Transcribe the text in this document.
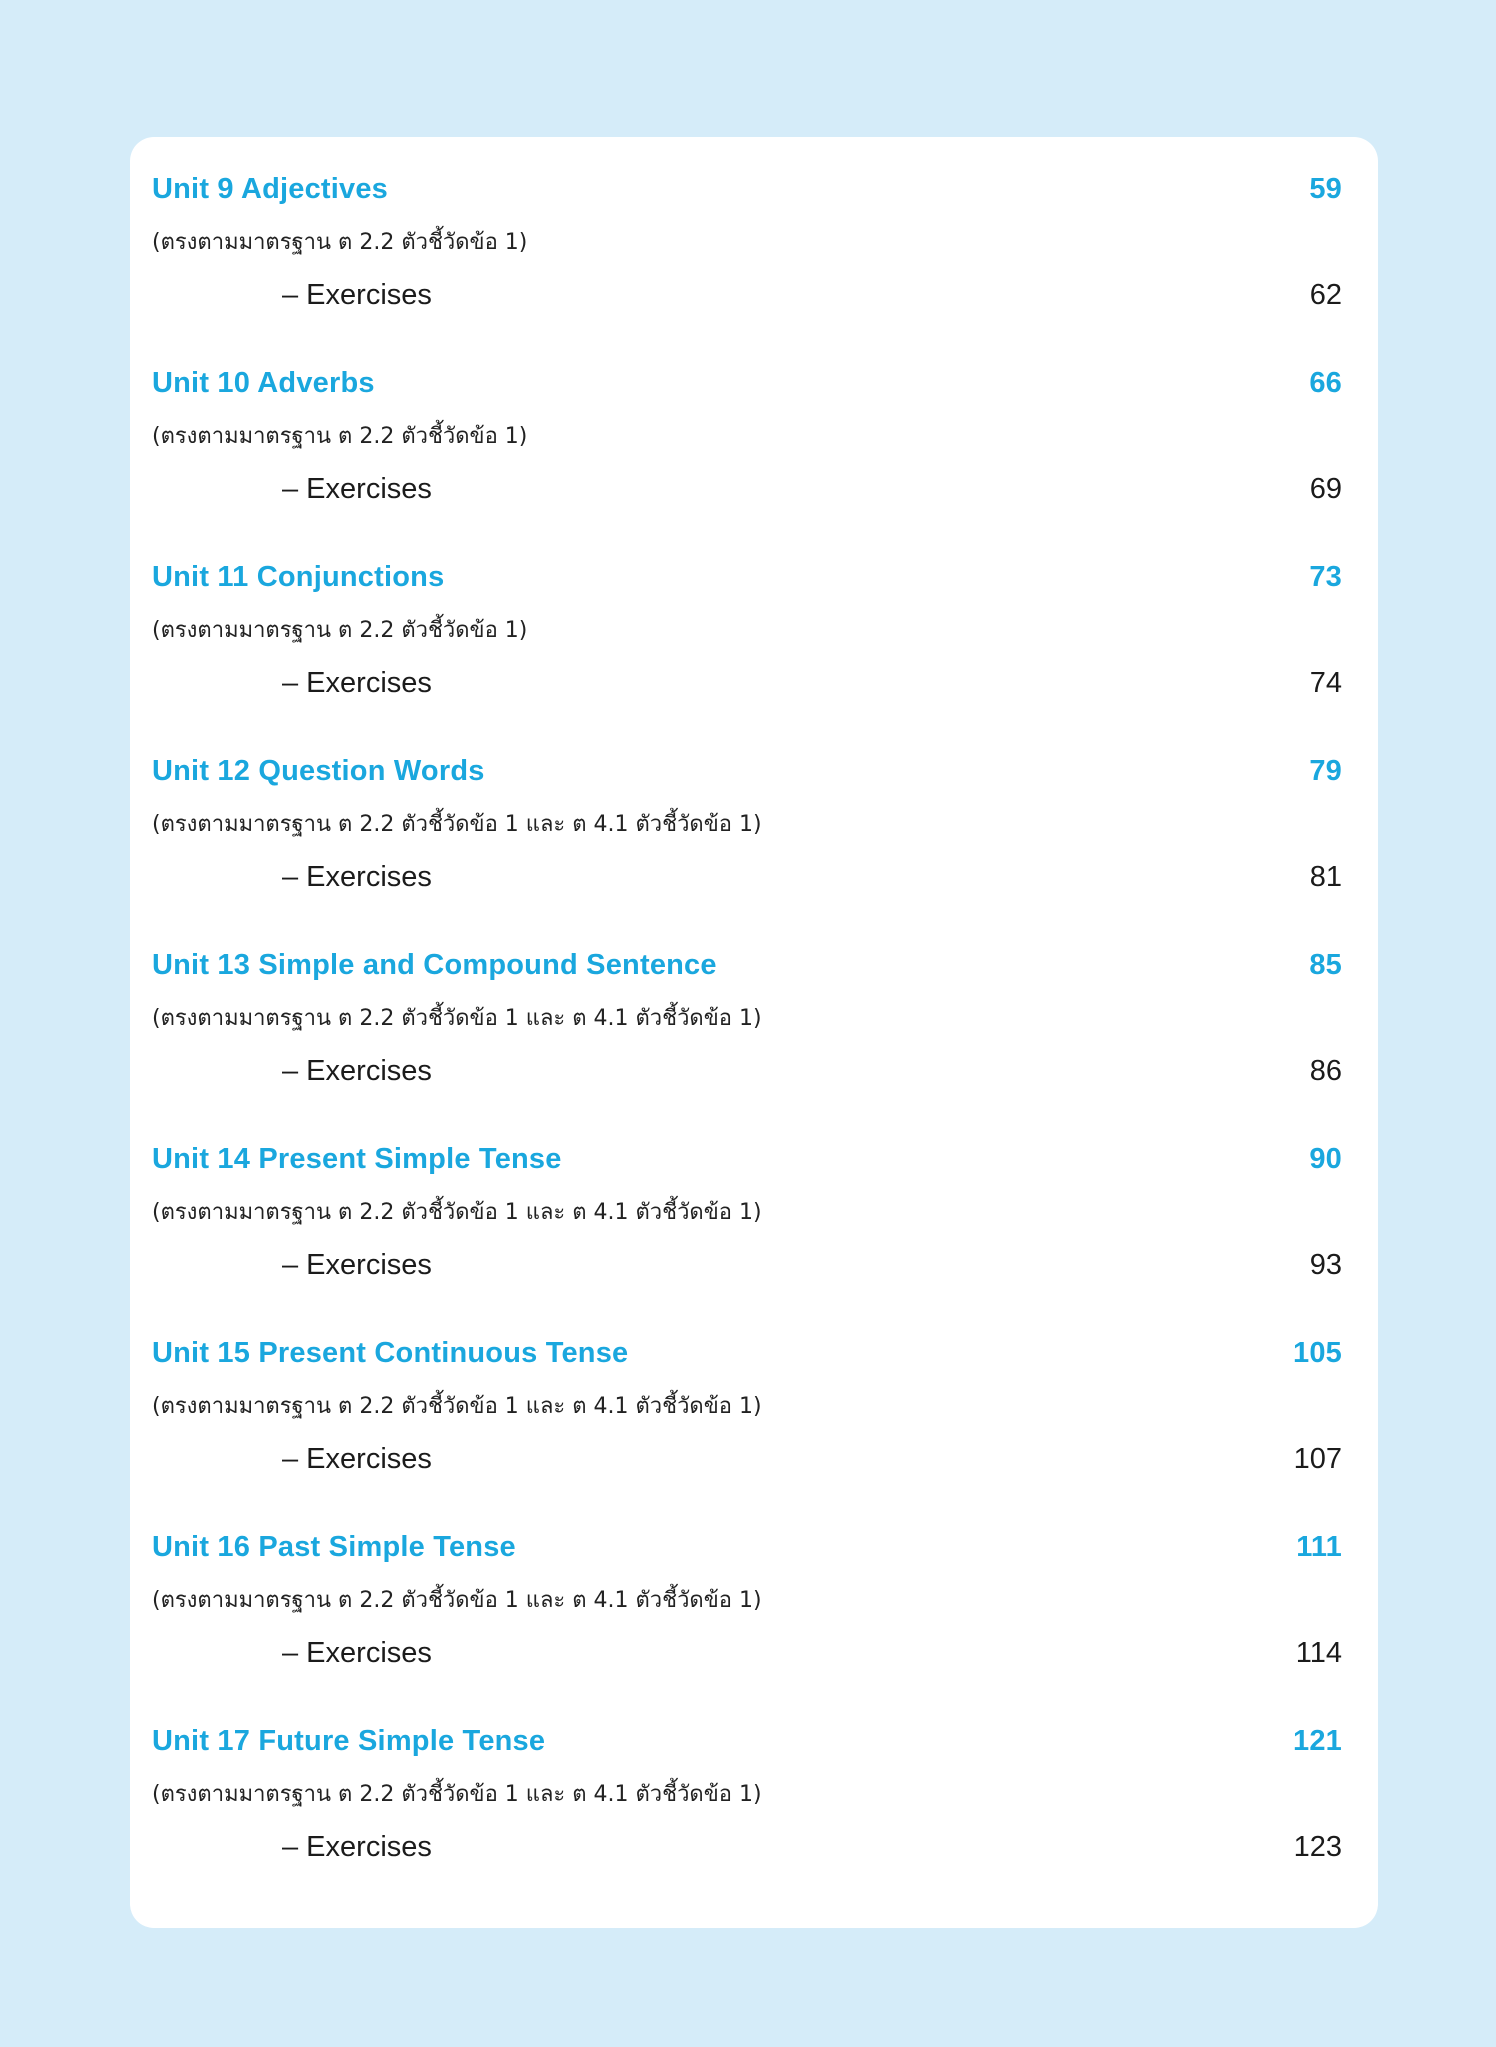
Unit 9 Adjectives	59
(ตรงตามมาตรฐาน ต 2.2 ตัวชี้วัดข้อ 1)
– Exercises	62
Unit 10 Adverbs	66
(ตรงตามมาตรฐาน ต 2.2 ตัวชี้วัดข้อ 1)
– Exercises	69
Unit 11 Conjunctions	73
(ตรงตามมาตรฐาน ต 2.2 ตัวชี้วัดข้อ 1)
– Exercises	74
Unit 12 Question Words	79
(ตรงตามมาตรฐาน ต 2.2 ตัวชี้วัดข้อ 1 และ ต 4.1 ตัวชี้วัดข้อ 1)
– Exercises	81
Unit 13 Simple and Compound Sentence	85
(ตรงตามมาตรฐาน ต 2.2 ตัวชี้วัดข้อ 1 และ ต 4.1 ตัวชี้วัดข้อ 1)
– Exercises	86
Unit 14 Present Simple Tense	90
(ตรงตามมาตรฐาน ต 2.2 ตัวชี้วัดข้อ 1 และ ต 4.1 ตัวชี้วัดข้อ 1)
– Exercises	93
Unit 15 Present Continuous Tense	105
(ตรงตามมาตรฐาน ต 2.2 ตัวชี้วัดข้อ 1 และ ต 4.1 ตัวชี้วัดข้อ 1)
– Exercises	107
Unit 16 Past Simple Tense	111
(ตรงตามมาตรฐาน ต 2.2 ตัวชี้วัดข้อ 1 และ ต 4.1 ตัวชี้วัดข้อ 1)
– Exercises	114
Unit 17 Future Simple Tense	121
(ตรงตามมาตรฐาน ต 2.2 ตัวชี้วัดข้อ 1 และ ต 4.1 ตัวชี้วัดข้อ 1)
– Exercises	123
